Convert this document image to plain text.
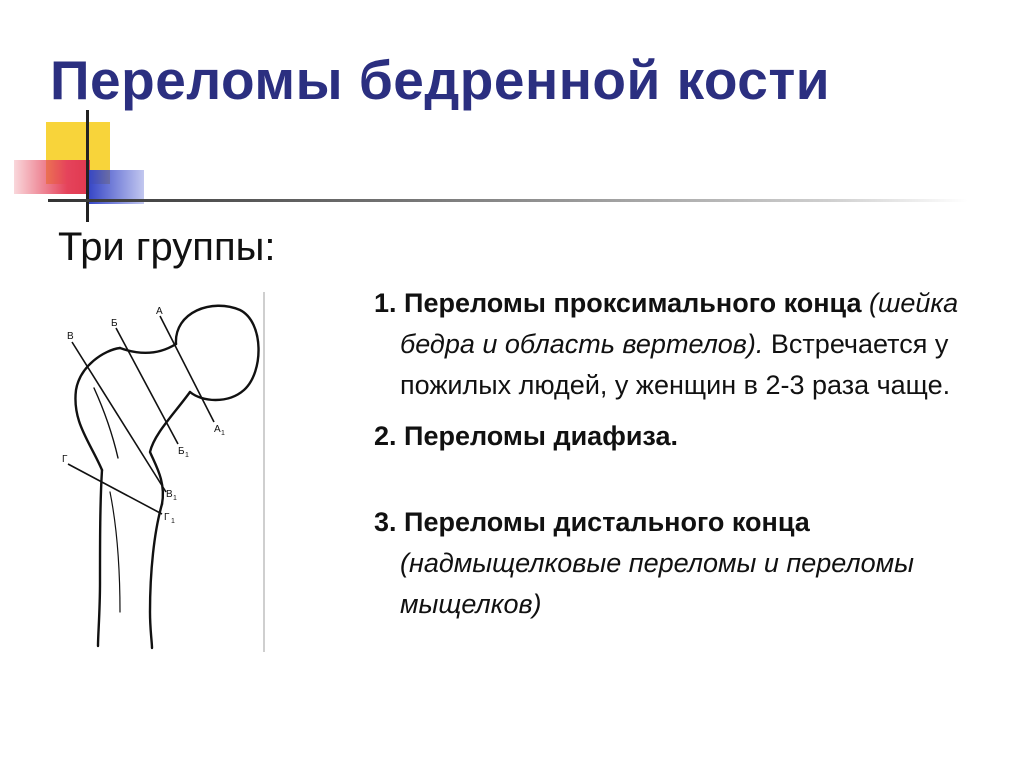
Переломы бедренной кости
Три группы:
А
Б
В
Г
А 1
Б 1
В 1
Г 1

1. Переломы проксимального конца (шейка бедра и область вертелов). Встречается у пожилых людей, у женщин в 2-3 раза чаще.

2. Переломы диафиза.

3. Переломы дистального конца (надмыщелковые переломы и переломы мыщелков)
